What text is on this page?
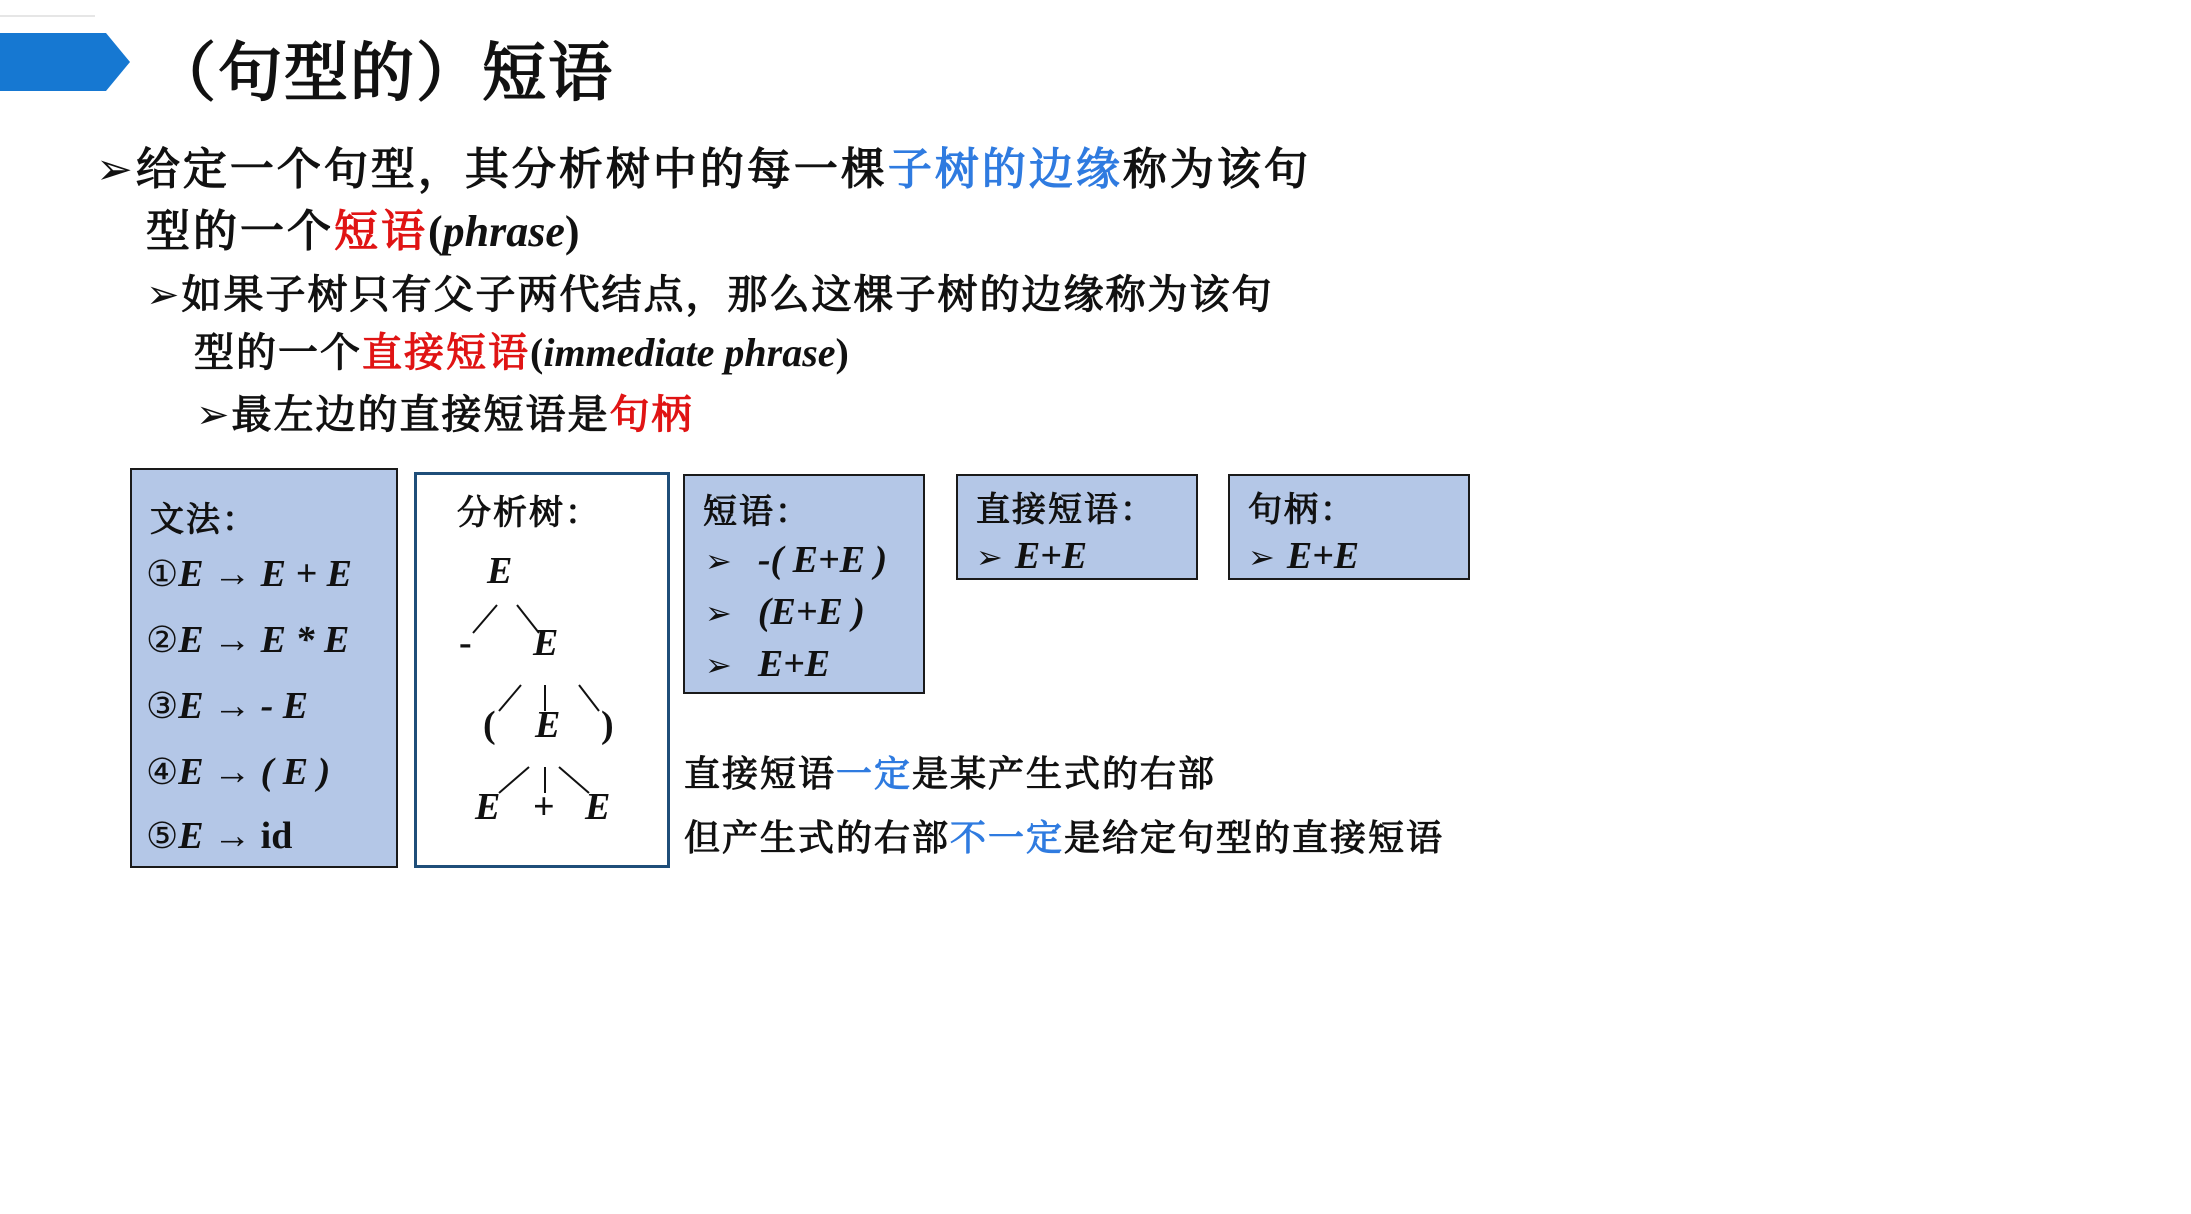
（句型的）短语
➢给定一个句型，其分析树中的每一棵子树的边缘称为该句
型的一个短语(phrase)
➢如果子树只有父子两代结点，那么这棵子树的边缘称为该句
型的一个直接短语(immediate phrase)
➢最左边的直接短语是句柄
文法：
①E → E + E
②E → E * E
③E → - E
④E → ( E )
⑤E → id
分析树：
E
- E
( E )
E + E
短语：
➢ -( E+E )
➢ (E+E )
➢ E+E
直接短语：
➢ E+E
句柄：
➢ E+E
直接短语一定是某产生式的右部
但产生式的右部不一定是给定句型的直接短语
